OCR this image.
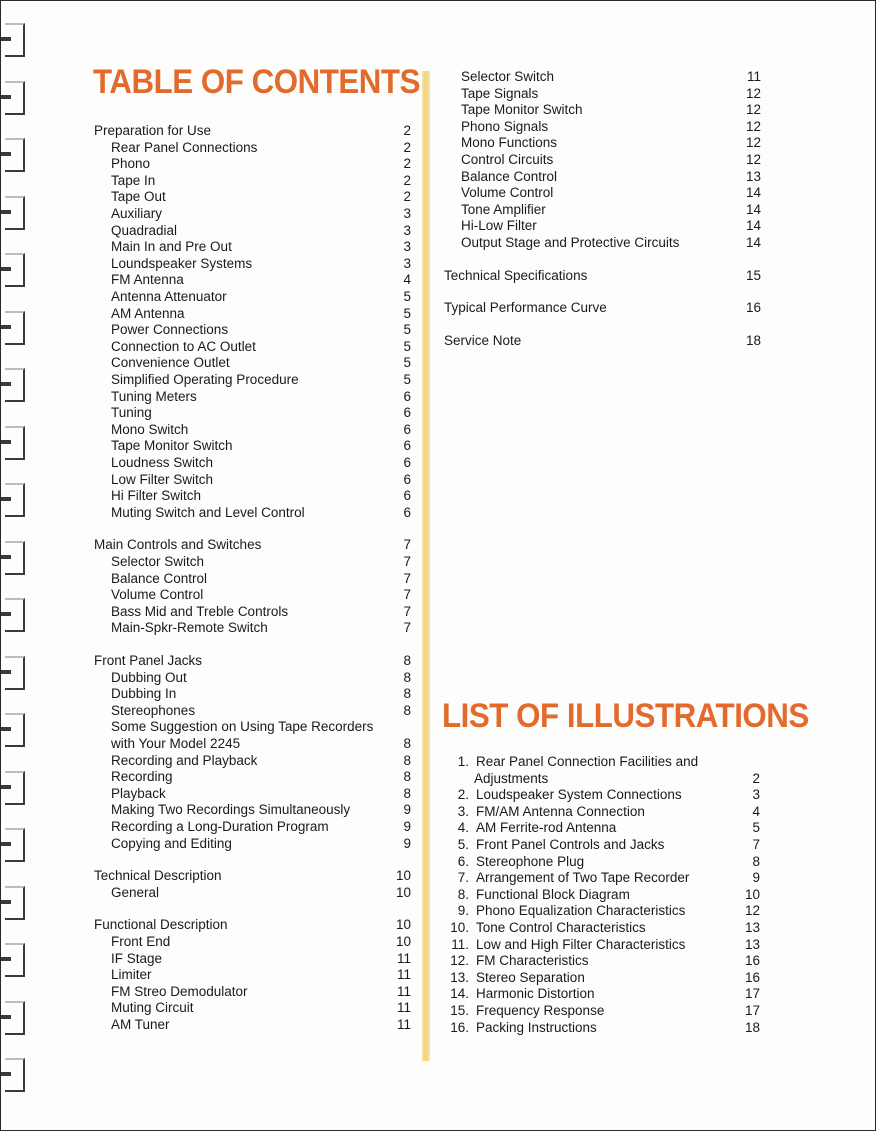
TABLE OF CONTENTS
Preparation for Use	2
Rear Panel Connections	2
Phono	2
Tape In	2
Tape Out	2
Auxiliary	3
Quadradial	3
Main In and Pre Out	3
Loundspeaker Systems	3
FM Antenna	4
Antenna Attenuator	5
AM Antenna	5
Power Connections	5
Connection to AC Outlet	5
Convenience Outlet	5
Simplified Operating Procedure	5
Tuning Meters	6
Tuning	6
Mono Switch	6
Tape Monitor Switch	6
Loudness Switch	6
Low Filter Switch	6
Hi Filter Switch	6
Muting Switch and Level Control	6
Main Controls and Switches	7
Selector Switch	7
Balance Control	7
Volume Control	7
Bass Mid and Treble Controls	7
Main-Spkr-Remote Switch	7
Front Panel Jacks	8
Dubbing Out	8
Dubbing In	8
Stereophones	8
Some Suggestion on Using Tape Recorders
with Your Model 2245	8
Recording and Playback	8
Recording	8
Playback	8
Making Two Recordings Simultaneously	9
Recording a Long-Duration Program	9
Copying and Editing	9
Technical Description	10
General	10
Functional Description	10
Front End	10
IF Stage	11
Limiter	11
FM Streo Demodulator	11
Muting Circuit	11
AM Tuner	11
Selector Switch	11
Tape Signals	12
Tape Monitor Switch	12
Phono Signals	12
Mono Functions	12
Control Circuits	12
Balance Control	13
Volume Control	14
Tone Amplifier	14
Hi-Low Filter	14
Output Stage and Protective Circuits	14
Technical Specifications	15
Typical Performance Curve	16
Service Note	18
LIST OF ILLUSTRATIONS
1. Rear Panel Connection Facilities and
Adjustments	2
2. Loudspeaker System Connections	3
3. FM/AM Antenna Connection	4
4. AM Ferrite-rod Antenna	5
5. Front Panel Controls and Jacks	7
6. Stereophone Plug	8
7. Arrangement of Two Tape Recorder	9
8. Functional Block Diagram	10
9. Phono Equalization Characteristics	12
10. Tone Control Characteristics	13
11. Low and High Filter Characteristics	13
12. FM Characteristics	16
13. Stereo Separation	16
14. Harmonic Distortion	17
15. Frequency Response	17
16. Packing Instructions	18
